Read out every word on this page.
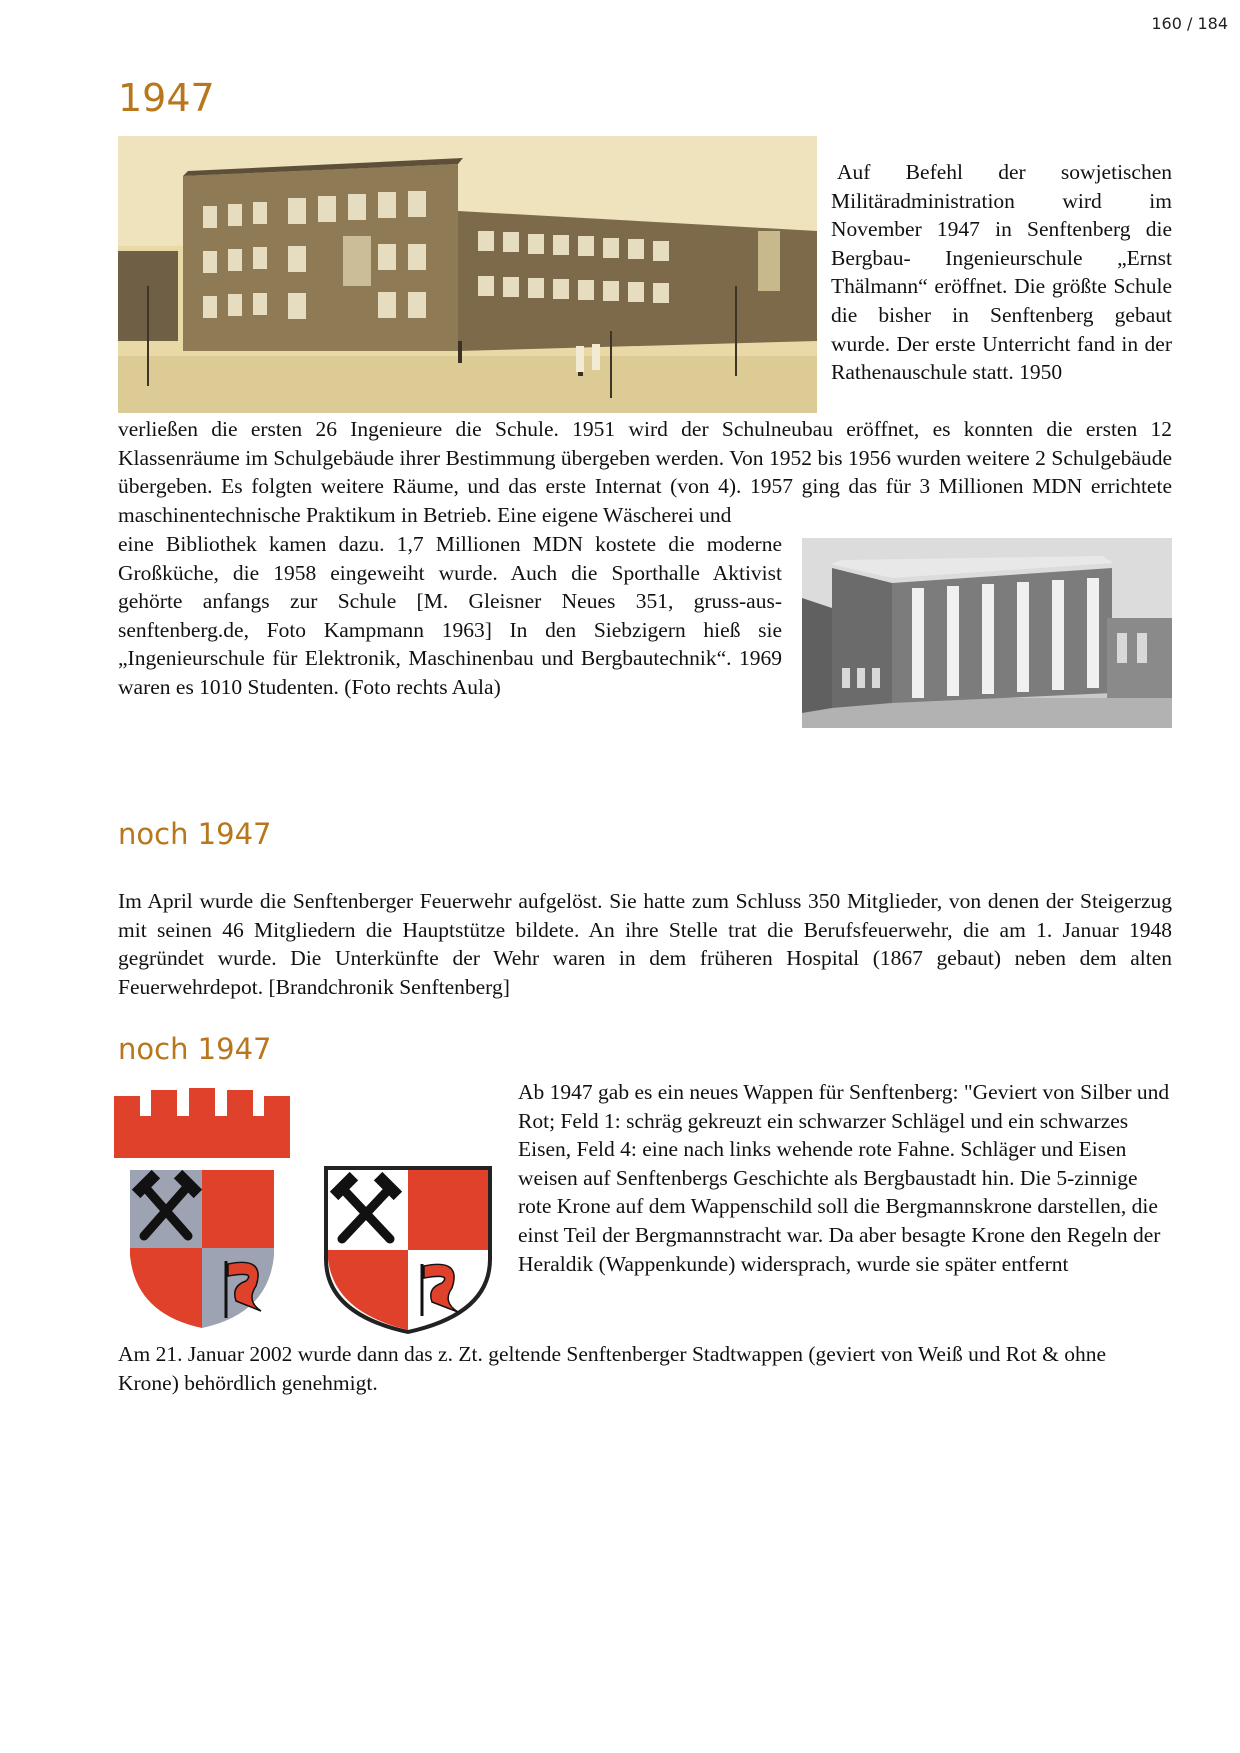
160 / 184
1947

Auf Befehl der sowjetischen Militäradministration wird im November 1947 in Senftenberg die Bergbau- Ingenieurschule „Ernst Thälmann“ eröffnet. Die größte Schule die bisher in Senftenberg gebaut wurde. Der erste Unterricht fand in der Rathenauschule statt. 1950

verließen die ersten 26 Ingenieure die Schule. 1951 wird der Schulneubau eröffnet, es konnten die ersten 12 Klassenräume im Schulgebäude ihrer Bestimmung übergeben werden. Von 1952 bis 1956 wurden weitere 2 Schulgebäude übergeben. Es folgten weitere Räume, und das erste Internat (von 4). 1957 ging das für 3 Millionen MDN errichtete maschinentechnische Praktikum in Betrieb. Eine eigene Wäscherei und

eine Bibliothek kamen dazu. 1,7 Millionen MDN kostete die moderne Großküche, die 1958 eingeweiht wurde. Auch die Sporthalle Aktivist gehörte anfangs zur Schule [M. Gleisner Neues 351, gruss-aus-senftenberg.de, Foto Kampmann 1963] In den Siebzigern hieß sie „Ingenieurschule für Elektronik, Maschinenbau und Bergbautechnik“. 1969 waren es 1010 Studenten. (Foto rechts Aula)

noch 1947

Im April wurde die Senftenberger Feuerwehr aufgelöst. Sie hatte zum Schluss 350 Mitglieder, von denen der Steigerzug mit seinen 46 Mitgliedern die Hauptstütze bildete. An ihre Stelle trat die Berufsfeuerwehr, die am 1. Januar 1948 gegründet wurde. Die Unterkünfte der Wehr waren in dem früheren Hospital (1867 gebaut) neben dem alten Feuerwehrdepot. [Brandchronik Senftenberg]

noch 1947

Ab 1947 gab es ein neues Wappen für Senftenberg: "Geviert von Silber und Rot; Feld 1: schräg gekreuzt ein schwarzer Schlägel und ein schwarzes Eisen, Feld 4: eine nach links wehende rote Fahne. Schläger und Eisen weisen auf Senftenbergs Geschichte als Bergbaustadt hin. Die 5-zinnige rote Krone auf dem Wappenschild soll die Bergmannskrone darstellen, die einst Teil der Bergmannstracht war. Da aber besagte Krone den Regeln der Heraldik (Wappenkunde) widersprach, wurde sie später entfernt

Am 21. Januar 2002 wurde dann das z. Zt. geltende Senftenberger Stadtwappen (geviert von Weiß und Rot & ohne Krone) behördlich genehmigt.
